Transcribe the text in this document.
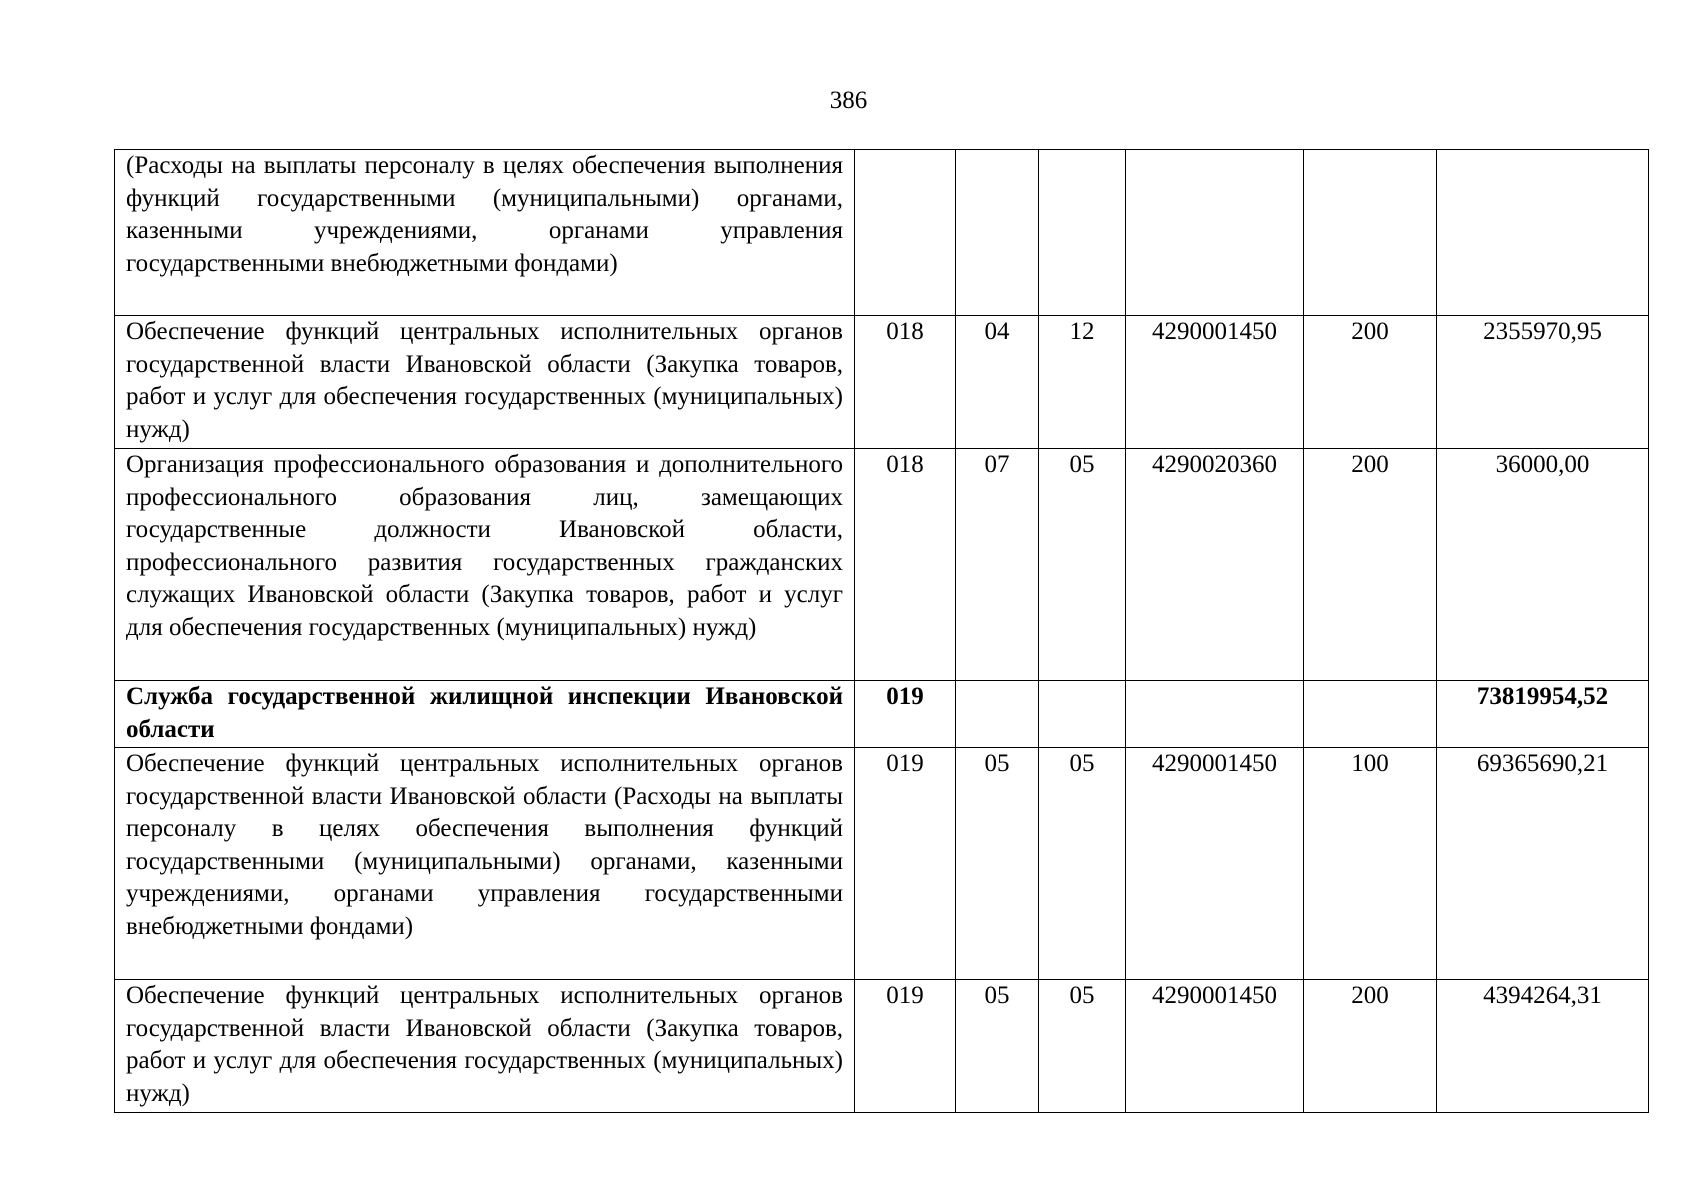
386
(Расходы на выплаты персоналу в целях обеспечения выполнения функций государственными (муниципальными) органами, казенными учреждениями, органами управления государственными внебюджетными фондами)						
Обеспечение функций центральных исполнительных органов государственной власти Ивановской области (Закупка товаров, работ и услуг для обеспечения государственных (муниципальных) нужд)	018	04	12	4290001450	200	2355970,95
Организация профессионального образования и дополнительного профессионального образования лиц, замещающих государственные должности Ивановской области, профессионального развития государственных гражданских служащих Ивановской области (Закупка товаров, работ и услуг для обеспечения государственных (муниципальных) нужд)	018	07	05	4290020360	200	36000,00
Служба государственной жилищной инспекции Ивановской области	019					73819954,52
Обеспечение функций центральных исполнительных органов государственной власти Ивановской области (Расходы на выплаты персоналу в целях обеспечения выполнения функций государственными (муниципальными) органами, казенными учреждениями, органами управления государственными внебюджетными фондами)	019	05	05	4290001450	100	69365690,21
Обеспечение функций центральных исполнительных органов государственной власти Ивановской области (Закупка товаров, работ и услуг для обеспечения государственных (муниципальных) нужд)	019	05	05	4290001450	200	4394264,31
